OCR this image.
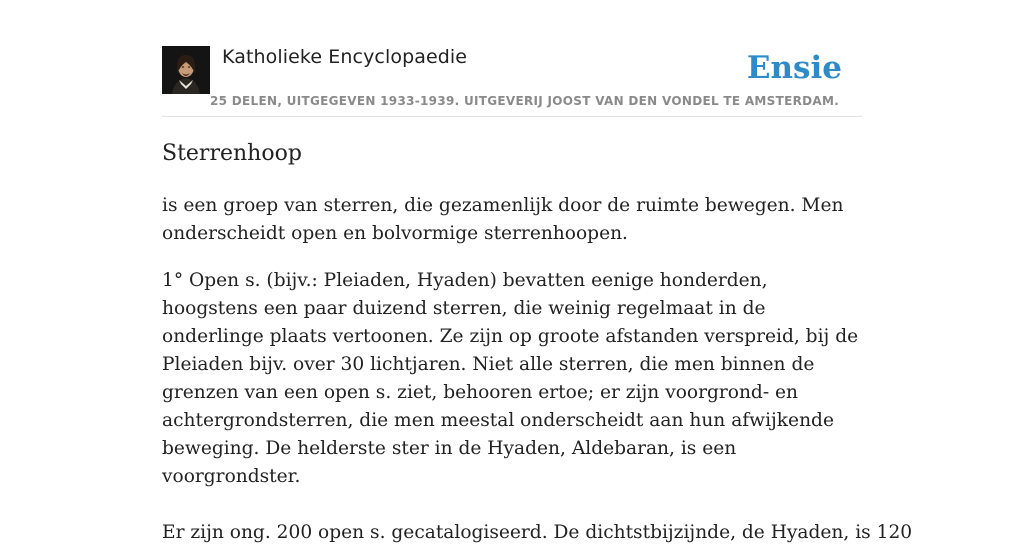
Katholieke Encyclopaedie
25 DELEN, UITGEGEVEN 1933-1939. UITGEVERIJ JOOST VAN DEN VONDEL TE AMSTERDAM.
Ensie
Sterrenhoop

is een groep van sterren, die gezamenlijk door de ruimte bewegen. Men onderscheidt open en bolvormige sterrenhoopen.

1° Open s. (bijv.: Pleiaden, Hyaden) bevatten eenige honderden, hoogstens een paar duizend sterren, die weinig regelmaat in de onderlinge plaats vertoonen. Ze zijn op groote afstanden verspreid, bij de Pleiaden bijv. over 30 lichtjaren. Niet alle sterren, die men binnen de grenzen van een open s. ziet, behooren ertoe; er zijn voorgrond- en achtergrondsterren, die men meestal onderscheidt aan hun afwijkende beweging. De helderste ster in de Hyaden, Aldebaran, is een voorgrondster.

Er zijn ong. 200 open s. gecatalogiseerd. De dichtstbijzijnde, de Hyaden, is 120
